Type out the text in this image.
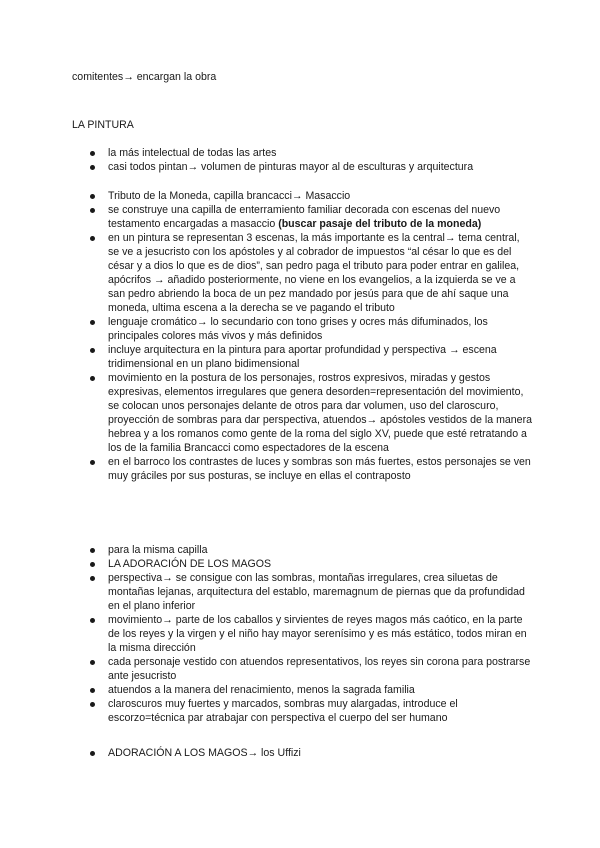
comitentes→ encargan la obra

LA PINTURA

la más intelectual de todas las artes
casi todos pintan→ volumen de pinturas mayor al de esculturas y arquitectura
Tributo de la Moneda, capilla brancacci→ Masaccio
se construye una capilla de enterramiento familiar decorada con escenas del nuevo testamento encargadas a masaccio (buscar pasaje del tributo de la moneda)
en un pintura se representan 3 escenas, la más importante es la central→ tema central, se ve a jesucristo con los apóstoles y al cobrador de impuestos “al césar lo que es del césar y a dios lo que es de dios”, san pedro paga el tributo para poder entrar en galilea, apócrifos → añadido posteriormente, no viene en los evangelios, a la izquierda se ve a san pedro abriendo la boca de un pez mandado por jesús para que de ahí saque una moneda, ultima escena a la derecha se ve pagando el tributo
lenguaje cromático→ lo secundario con tono grises y ocres más difuminados, los principales colores más vivos y más definidos
incluye arquitectura en la pintura para aportar profundidad y perspectiva → escena tridimensional en un plano bidimensional
movimiento en la postura de los personajes, rostros expresivos, miradas y gestos expresivas, elementos irregulares que genera desorden=representación del movimiento, se colocan unos personajes delante de otros para dar volumen, uso del claroscuro, proyección de sombras para dar perspectiva, atuendos→ apóstoles vestidos de la manera hebrea y a los romanos como gente de la roma del siglo XV, puede que esté retratando a los de la familia Brancacci como espectadores de la escena
en el barroco los contrastes de luces y sombras son más fuertes, estos personajes se ven muy gráciles por sus posturas, se incluye en ellas el contraposto
para la misma capilla
LA ADORACIÓN DE LOS MAGOS
perspectiva→ se consigue con las sombras, montañas irregulares, crea siluetas de montañas lejanas, arquitectura del establo, maremagnum de piernas que da profundidad en el plano inferior
movimiento→ parte de los caballos y sirvientes de reyes magos más caótico, en la parte de los reyes y la virgen y el niño hay mayor serenísimo y es más estático, todos miran en la misma dirección
cada personaje vestido con atuendos representativos, los reyes sin corona para postrarse ante jesucristo
atuendos a la manera del renacimiento, menos la sagrada familia
claroscuros muy fuertes y marcados, sombras muy alargadas, introduce el escorzo=técnica par atrabajar con perspectiva el cuerpo del ser humano
ADORACIÓN A LOS MAGOS→ los Uffizi
